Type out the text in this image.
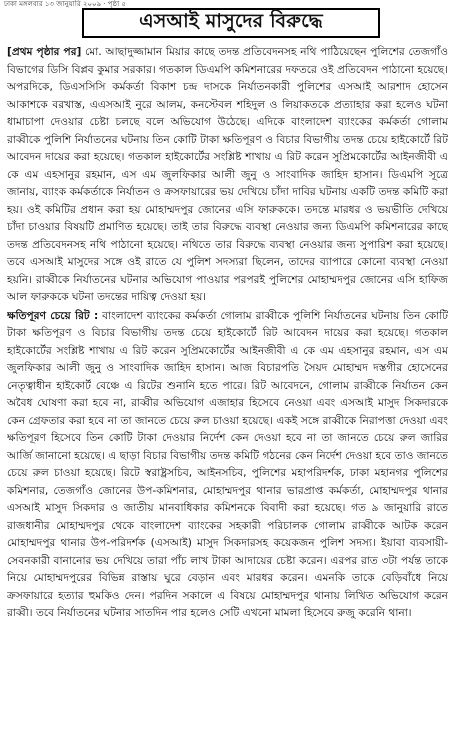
ঢাকা মঙ্গলবার ১৩ জানুয়ারি ২০০৯ · পৃষ্ঠা ৫
এসআই মাসুদের বিরুদ্ধে

[প্রথম পৃষ্ঠার পর] মো. আছাদুজ্জামান মিয়ার কাছে তদন্ত প্রতিবেদনসহ নথি পাঠিয়েছেন পুলিশের তেজগাঁও বিভাগের ডিসি বিপ্লব কুমার সরকার। গতকাল ডিএমপি কমিশনারের দফতরে ওই প্রতিবেদন পাঠানো হয়েছে। অপরদিকে, ডিএসসিসি কর্মকর্তা বিকাশ চন্দ্র দাসকে নির্যাতনকারী পুলিশের এসআই আরশাদ হোসেন আকাশকে বরখাস্ত, এএসআই নুরে আলম, কনস্টেবল শহিদুল ও লিয়াকতকে প্রত্যাহার করা হলেও ঘটনা ধামাচাপা দেওয়ার চেষ্টা চলছে বলে অভিযোগ উঠেছে। এদিকে বাংলাদেশ ব্যাংকের কর্মকর্তা গোলাম রাব্বীকে পুলিশি নির্যাতনের ঘটনায় তিন কোটি টাকা ক্ষতিপূরণ ও বিচার বিভাগীয় তদন্ত চেয়ে হাইকোর্টে রিট আবেদন দায়ের করা হয়েছে। গতকাল হাইকোর্টের সংশ্লিষ্ট শাখায় এ রিট করেন সুপ্রিমকোর্টের আইনজীবী এ কে এম এহসানুর রহমান, এস এম জুলফিকার আলী জুনু ও সাংবাদিক জাহিদ হাসান। ডিএমপি সূত্রে জানায়, ব্যাংক কর্মকর্তাকে নির্যাতন ও ক্রসফায়ারের ভয় দেখিয়ে চাঁদা দাবির ঘটনায় একটি তদন্ত কমিটি করা হয়। ওই কমিটির প্রধান করা হয় মোহাম্মদপুর জোনের এসি ফারুককে। তদন্তে মারধর ও ভয়ভীতি দেখিয়ে চাঁদা চাওয়ার বিষয়টি প্রমাণিত হয়েছে। তাই তার বিরুদ্ধে ব্যবস্থা নেওয়ার জন্য ডিএমপি কমিশনারের কাছে তদন্ত প্রতিবেদনসহ নথি পাঠানো হয়েছে। নথিতে তার বিরুদ্ধে ব্যবস্থা নেওয়ার জন্য সুপারিশ করা হয়েছে। তবে এসআই মাসুদের সঙ্গে ওই রাতে যে পুলিশ সদস্যরা ছিলেন, তাদের ব্যাপারে কোনো ব্যবস্থা নেওয়া হয়নি। রাব্বীকে নির্যাতনের ঘটনার অভিযোগ পাওয়ার পরপরই পুলিশের মোহাম্মদপুর জোনের এসি হাফিজ আল ফারুককে ঘটনা তদন্তের দায়িত্ব দেওয়া হয়।

ক্ষতিপূরণ চেয়ে রিট : বাংলাদেশ ব্যাংকের কর্মকর্তা গোলাম রাব্বীকে পুলিশি নির্যাতনের ঘটনায় তিন কোটি টাকা ক্ষতিপূরণ ও বিচার বিভাগীয় তদন্ত চেয়ে হাইকোর্টে রিট আবেদন দায়ের করা হয়েছে। গতকাল হাইকোর্টের সংশ্লিষ্ট শাখায় এ রিট করেন সুপ্রিমকোর্টের আইনজীবী এ কে এম এহসানুর রহমান, এস এম জুলফিকার আলী জুনু ও সাংবাদিক জাহিদ হাসান। আজ বিচারপতি সৈয়দ মোহাম্মদ দস্তগীর হোসেনের নেতৃত্বাধীন হাইকোর্ট বেঞ্চে এ রিটের শুনানি হতে পারে। রিট আবেদনে, গোলাম রাব্বীকে নির্যাতন কেন অবৈধ ঘোষণা করা হবে না, রাব্বীর অভিযোগ এজাহার হিসেবে নেওয়া এবং এসআই মাসুদ সিকদারকে কেন গ্রেফতার করা হবে না তা জানতে চেয়ে রুল চাওয়া হয়েছে। একই সঙ্গে রাব্বীকে নিরাপত্তা দেওয়া এবং ক্ষতিপূরণ হিসেবে তিন কোটি টাকা দেওয়ার নির্দেশ কেন দেওয়া হবে না তা জানতে চেয়ে রুল জারির আর্জি জানানো হয়েছে। এ ছাড়া বিচার বিভাগীয় তদন্ত কমিটি গঠনের কেন নির্দেশ দেওয়া হবে তাও জানতে চেয়ে রুল চাওয়া হয়েছে। রিটে স্বরাষ্ট্রসচিব, আইনসচিব, পুলিশের মহাপরিদর্শক, ঢাকা মহানগর পুলিশের কমিশনার, তেজগাঁও জোনের উপ-কমিশনার, মোহাম্মদপুর থানার ভারপ্রাপ্ত কর্মকর্তা, মোহাম্মদপুর থানার এসআই মাসুদ সিকদার ও জাতীয় মানবাধিকার কমিশনকে বিবাদী করা হয়েছে। গত ৯ জানুয়ারি রাতে রাজধানীর মোহাম্মদপুর থেকে বাংলাদেশ ব্যাংকের সহকারী পরিচালক গোলাম রাব্বীকে আটক করেন মোহাম্মদপুর থানার উপ-পরিদর্শক (এসআই) মাসুদ সিকদারসহ কয়েকজন পুলিশ সদস্য। ইয়াবা ব্যবসায়ী-সেবনকারী বানানোর ভয় দেখিয়ে তারা পাঁচ লাখ টাকা আদায়ের চেষ্টা করেন। এরপর রাত ৩টা পর্যন্ত তাকে নিয়ে মোহাম্মদপুরের বিভিন্ন রাস্তায় ঘুরে বেড়ান এবং মারধর করেন। এমনকি তাকে বেড়িবাঁধে নিয়ে ক্রসফায়ারে হত্যার হুমকিও দেন। পরদিন সকালে এ বিষয়ে মোহাম্মদপুর থানায় লিখিত অভিযোগ করেন রাব্বী। তবে নির্যাতনের ঘটনার সাতদিন পার হলেও সেটি এখনো মামলা হিসেবে রুজু করেনি থানা।
